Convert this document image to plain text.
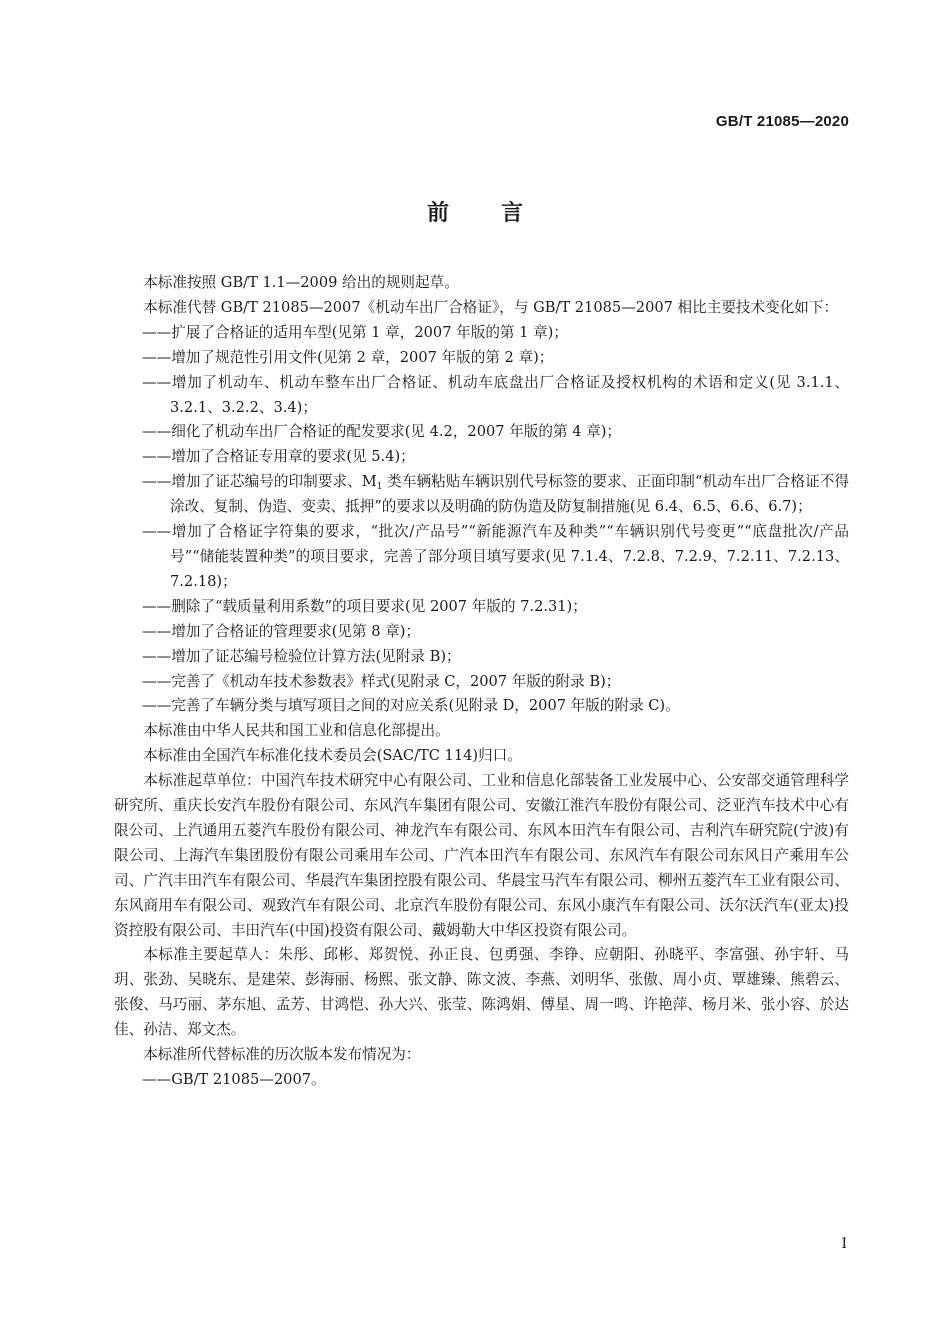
GB/T 21085—2020
前 言

本标准按照 GB/T 1.1—2009 给出的规则起草。

本标准代替 GB/T 21085—2007《机动车出厂合格证》，与 GB/T 21085—2007 相比主要技术变化如下：

——扩展了合格证的适用车型(见第 1 章，2007 年版的第 1 章)；

——增加了规范性引用文件(见第 2 章，2007 年版的第 2 章)；

——增加了机动车、机动车整车出厂合格证、机动车底盘出厂合格证及授权机构的术语和定义(见 3.1.1、3.2.1、3.2.2、3.4)；

——细化了机动车出厂合格证的配发要求(见 4.2，2007 年版的第 4 章)；

——增加了合格证专用章的要求(见 5.4)；

——增加了证芯编号的印制要求、$M_1$ 类车辆粘贴车辆识别代号标签的要求、正面印制“机动车出厂合格证不得涂改、复制、伪造、变卖、抵押”的要求以及明确的防伪造及防复制措施(见 6.4、6.5、6.6、6.7)；

——增加了合格证字符集的要求，“批次/产品号”“新能源汽车及种类”“车辆识别代号变更”“底盘批次/产品号”“储能装置种类”的项目要求，完善了部分项目填写要求(见 7.1.4、7.2.8、7.2.9、7.2.11、7.2.13、7.2.18)；

——删除了“载质量利用系数”的项目要求(见 2007 年版的 7.2.31)；

——增加了合格证的管理要求(见第 8 章)；

——增加了证芯编号检验位计算方法(见附录 B)；

——完善了《机动车技术参数表》样式(见附录 C，2007 年版的附录 B)；

——完善了车辆分类与填写项目之间的对应关系(见附录 D，2007 年版的附录 C)。

本标准由中华人民共和国工业和信息化部提出。

本标准由全国汽车标准化技术委员会(SAC/TC 114)归口。

本标准起草单位：中国汽车技术研究中心有限公司、工业和信息化部装备工业发展中心、公安部交通管理科学研究所、重庆长安汽车股份有限公司、东风汽车集团有限公司、安徽江淮汽车股份有限公司、泛亚汽车技术中心有限公司、上汽通用五菱汽车股份有限公司、神龙汽车有限公司、东风本田汽车有限公司、吉利汽车研究院(宁波)有限公司、上海汽车集团股份有限公司乘用车公司、广汽本田汽车有限公司、东风汽车有限公司东风日产乘用车公司、广汽丰田汽车有限公司、华晨汽车集团控股有限公司、华晨宝马汽车有限公司、柳州五菱汽车工业有限公司、东风商用车有限公司、观致汽车有限公司、北京汽车股份有限公司、东风小康汽车有限公司、沃尔沃汽车(亚太)投资控股有限公司、丰田汽车(中国)投资有限公司、戴姆勒大中华区投资有限公司。

本标准主要起草人：朱彤、邱彬、郑贺悦、孙正良、包勇强、李铮、应朝阳、孙晓平、李富强、孙宇轩、马玥、张劲、吴晓东、是建荣、彭海丽、杨熙、张文静、陈文波、李燕、刘明华、张傲、周小贞、覃雄臻、熊碧云、张俊、马巧丽、茅东旭、孟芳、甘鸿恺、孙大兴、张莹、陈鸿娟、傅星、周一鸣、许艳萍、杨月米、张小容、於达佳、孙洁、郑文杰。

本标准所代替标准的历次版本发布情况为：

——GB/T 21085—2007。

I
